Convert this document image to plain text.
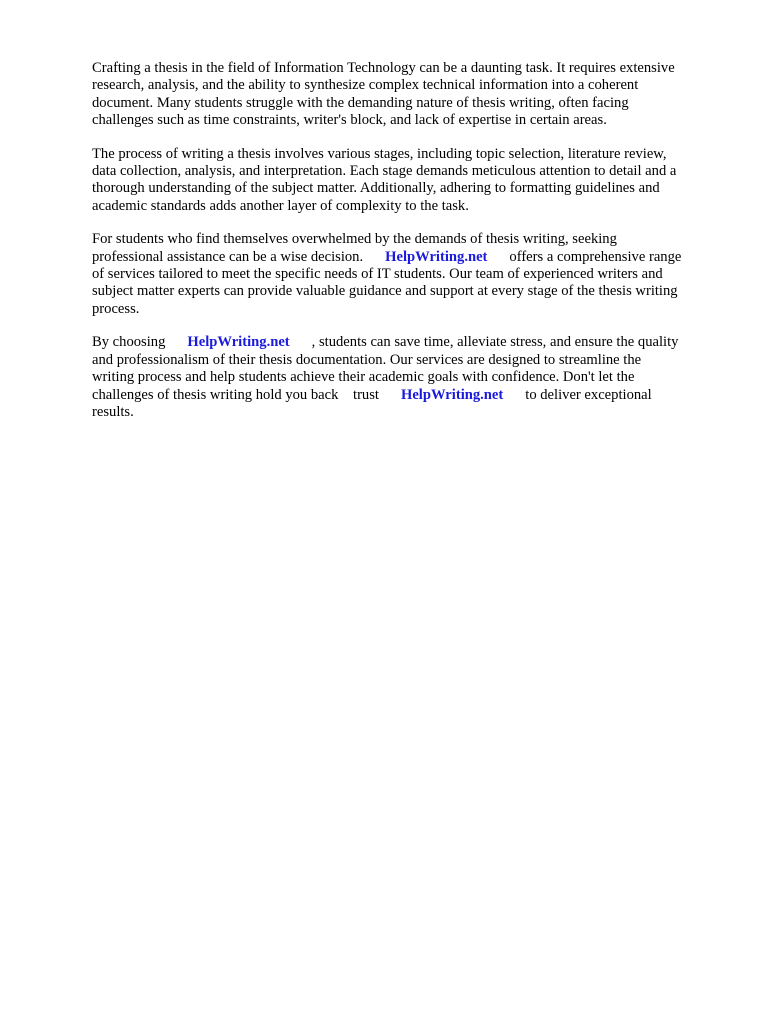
Crafting a thesis in the field of Information Technology can be a daunting task. It requires extensive
research, analysis, and the ability to synthesize complex technical information into a coherent
document. Many students struggle with the demanding nature of thesis writing, often facing
challenges such as time constraints, writer's block, and lack of expertise in certain areas.

The process of writing a thesis involves various stages, including topic selection, literature review,
data collection, analysis, and interpretation. Each stage demands meticulous attention to detail and a
thorough understanding of the subject matter. Additionally, adhering to formatting guidelines and
academic standards adds another layer of complexity to the task.

For students who find themselves overwhelmed by the demands of thesis writing, seeking
professional assistance can be a wise decision. HelpWriting.net offers a comprehensive range
of services tailored to meet the specific needs of IT students. Our team of experienced writers and
subject matter experts can provide valuable guidance and support at every stage of the thesis writing
process.

By choosing HelpWriting.net , students can save time, alleviate stress, and ensure the quality
and professionalism of their thesis documentation. Our services are designed to streamline the
writing process and help students achieve their academic goals with confidence. Don't let the
challenges of thesis writing hold you back    trust HelpWriting.net to deliver exceptional
results.
